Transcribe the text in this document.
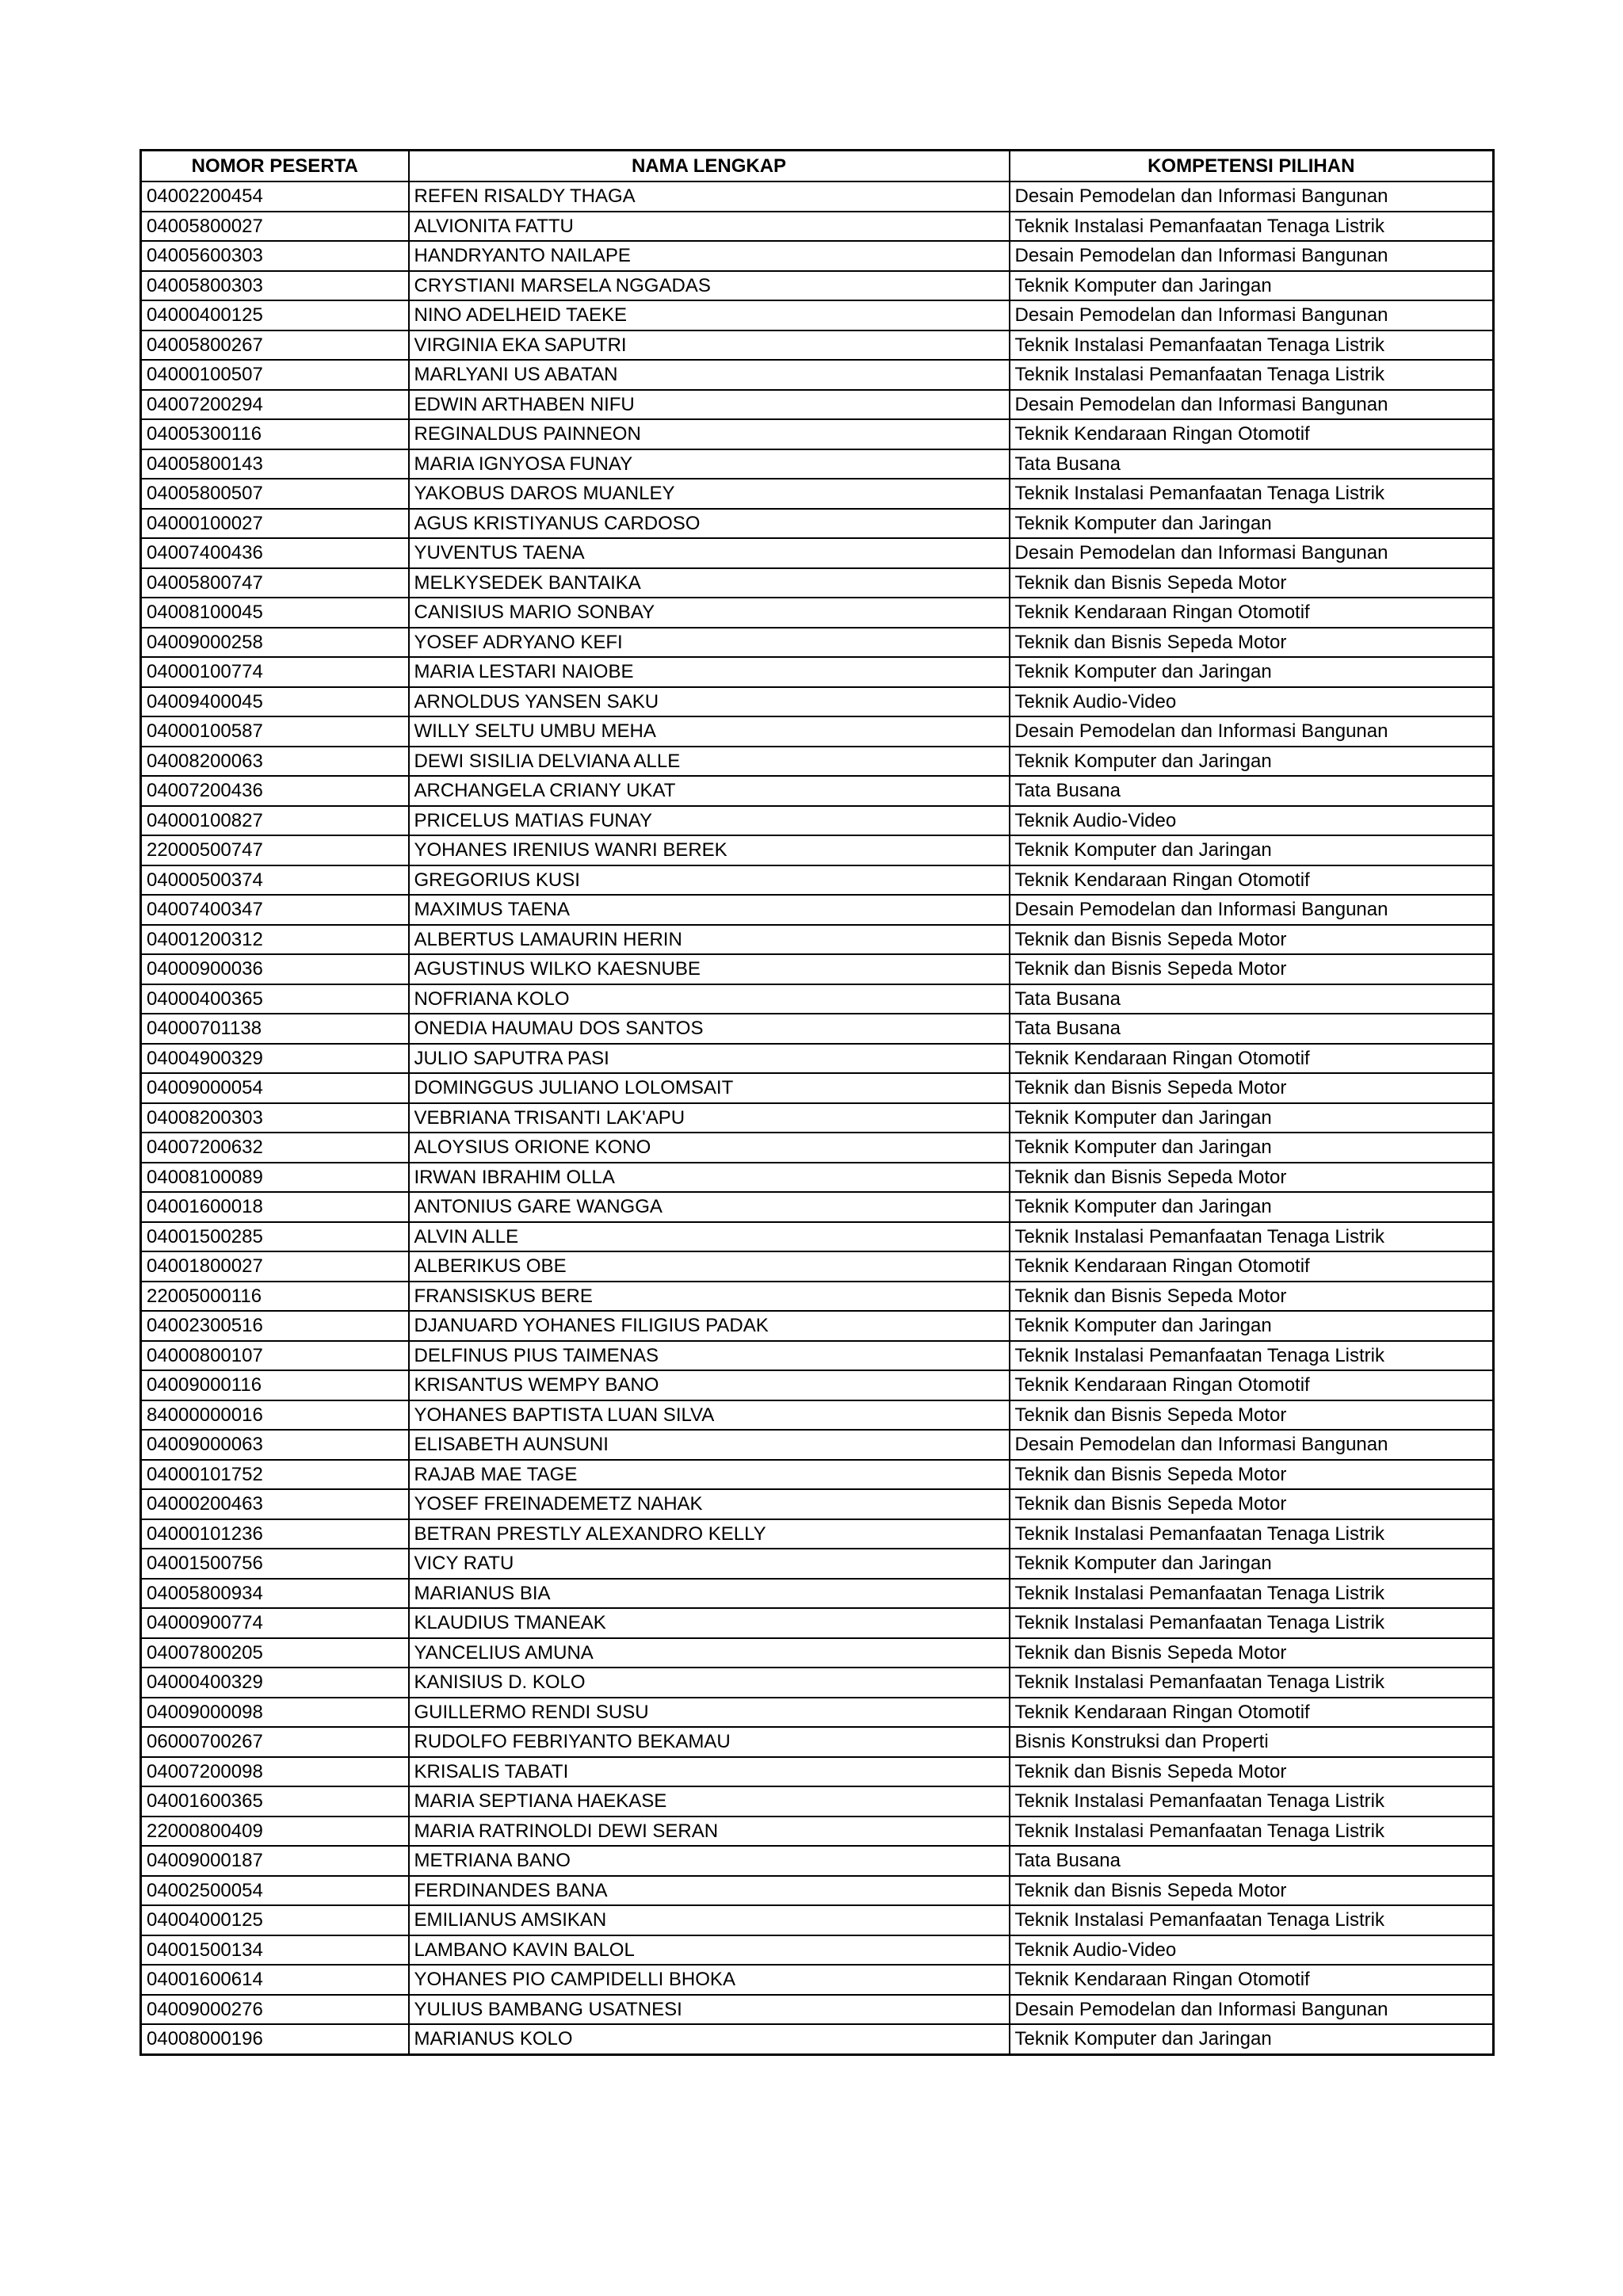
NOMOR PESERTA	NAMA LENGKAP	KOMPETENSI PILIHAN
04002200454	REFEN RISALDY THAGA	Desain Pemodelan dan Informasi Bangunan
04005800027	ALVIONITA FATTU	Teknik Instalasi Pemanfaatan Tenaga Listrik
04005600303	HANDRYANTO NAILAPE	Desain Pemodelan dan Informasi Bangunan
04005800303	CRYSTIANI MARSELA NGGADAS	Teknik Komputer dan Jaringan
04000400125	NINO ADELHEID TAEKE	Desain Pemodelan dan Informasi Bangunan
04005800267	VIRGINIA EKA SAPUTRI	Teknik Instalasi Pemanfaatan Tenaga Listrik
04000100507	MARLYANI US ABATAN	Teknik Instalasi Pemanfaatan Tenaga Listrik
04007200294	EDWIN ARTHABEN NIFU	Desain Pemodelan dan Informasi Bangunan
04005300116	REGINALDUS PAINNEON	Teknik Kendaraan Ringan Otomotif
04005800143	MARIA IGNYOSA FUNAY	Tata Busana
04005800507	YAKOBUS DAROS MUANLEY	Teknik Instalasi Pemanfaatan Tenaga Listrik
04000100027	AGUS KRISTIYANUS CARDOSO	Teknik Komputer dan Jaringan
04007400436	YUVENTUS TAENA	Desain Pemodelan dan Informasi Bangunan
04005800747	MELKYSEDEK BANTAIKA	Teknik dan Bisnis Sepeda Motor
04008100045	CANISIUS MARIO SONBAY	Teknik Kendaraan Ringan Otomotif
04009000258	YOSEF ADRYANO KEFI	Teknik dan Bisnis Sepeda Motor
04000100774	MARIA LESTARI NAIOBE	Teknik Komputer dan Jaringan
04009400045	ARNOLDUS YANSEN SAKU	Teknik Audio-Video
04000100587	WILLY SELTU UMBU MEHA	Desain Pemodelan dan Informasi Bangunan
04008200063	DEWI SISILIA DELVIANA ALLE	Teknik Komputer dan Jaringan
04007200436	ARCHANGELA CRIANY UKAT	Tata Busana
04000100827	PRICELUS MATIAS FUNAY	Teknik Audio-Video
22000500747	YOHANES IRENIUS WANRI BEREK	Teknik Komputer dan Jaringan
04000500374	GREGORIUS KUSI	Teknik Kendaraan Ringan Otomotif
04007400347	MAXIMUS TAENA	Desain Pemodelan dan Informasi Bangunan
04001200312	ALBERTUS LAMAURIN HERIN	Teknik dan Bisnis Sepeda Motor
04000900036	AGUSTINUS WILKO KAESNUBE	Teknik dan Bisnis Sepeda Motor
04000400365	NOFRIANA KOLO	Tata Busana
04000701138	ONEDIA HAUMAU DOS SANTOS	Tata Busana
04004900329	JULIO SAPUTRA PASI	Teknik Kendaraan Ringan Otomotif
04009000054	DOMINGGUS JULIANO LOLOMSAIT	Teknik dan Bisnis Sepeda Motor
04008200303	VEBRIANA TRISANTI LAK'APU	Teknik Komputer dan Jaringan
04007200632	ALOYSIUS ORIONE KONO	Teknik Komputer dan Jaringan
04008100089	IRWAN IBRAHIM OLLA	Teknik dan Bisnis Sepeda Motor
04001600018	ANTONIUS GARE WANGGA	Teknik Komputer dan Jaringan
04001500285	ALVIN ALLE	Teknik Instalasi Pemanfaatan Tenaga Listrik
04001800027	ALBERIKUS OBE	Teknik Kendaraan Ringan Otomotif
22005000116	FRANSISKUS BERE	Teknik dan Bisnis Sepeda Motor
04002300516	DJANUARD YOHANES FILIGIUS PADAK	Teknik Komputer dan Jaringan
04000800107	DELFINUS PIUS TAIMENAS	Teknik Instalasi Pemanfaatan Tenaga Listrik
04009000116	KRISANTUS WEMPY BANO	Teknik Kendaraan Ringan Otomotif
84000000016	YOHANES BAPTISTA LUAN SILVA	Teknik dan Bisnis Sepeda Motor
04009000063	ELISABETH AUNSUNI	Desain Pemodelan dan Informasi Bangunan
04000101752	RAJAB MAE TAGE	Teknik dan Bisnis Sepeda Motor
04000200463	YOSEF FREINADEMETZ NAHAK	Teknik dan Bisnis Sepeda Motor
04000101236	BETRAN PRESTLY ALEXANDRO KELLY	Teknik Instalasi Pemanfaatan Tenaga Listrik
04001500756	VICY RATU	Teknik Komputer dan Jaringan
04005800934	MARIANUS BIA	Teknik Instalasi Pemanfaatan Tenaga Listrik
04000900774	KLAUDIUS TMANEAK	Teknik Instalasi Pemanfaatan Tenaga Listrik
04007800205	YANCELIUS AMUNA	Teknik dan Bisnis Sepeda Motor
04000400329	KANISIUS D. KOLO	Teknik Instalasi Pemanfaatan Tenaga Listrik
04009000098	GUILLERMO RENDI SUSU	Teknik Kendaraan Ringan Otomotif
06000700267	RUDOLFO FEBRIYANTO BEKAMAU	Bisnis Konstruksi dan Properti
04007200098	KRISALIS TABATI	Teknik dan Bisnis Sepeda Motor
04001600365	MARIA SEPTIANA HAEKASE	Teknik Instalasi Pemanfaatan Tenaga Listrik
22000800409	MARIA RATRINOLDI DEWI SERAN	Teknik Instalasi Pemanfaatan Tenaga Listrik
04009000187	METRIANA BANO	Tata Busana
04002500054	FERDINANDES BANA	Teknik dan Bisnis Sepeda Motor
04004000125	EMILIANUS AMSIKAN	Teknik Instalasi Pemanfaatan Tenaga Listrik
04001500134	LAMBANO KAVIN BALOL	Teknik Audio-Video
04001600614	YOHANES PIO CAMPIDELLI BHOKA	Teknik Kendaraan Ringan Otomotif
04009000276	YULIUS BAMBANG USATNESI	Desain Pemodelan dan Informasi Bangunan
04008000196	MARIANUS KOLO	Teknik Komputer dan Jaringan
